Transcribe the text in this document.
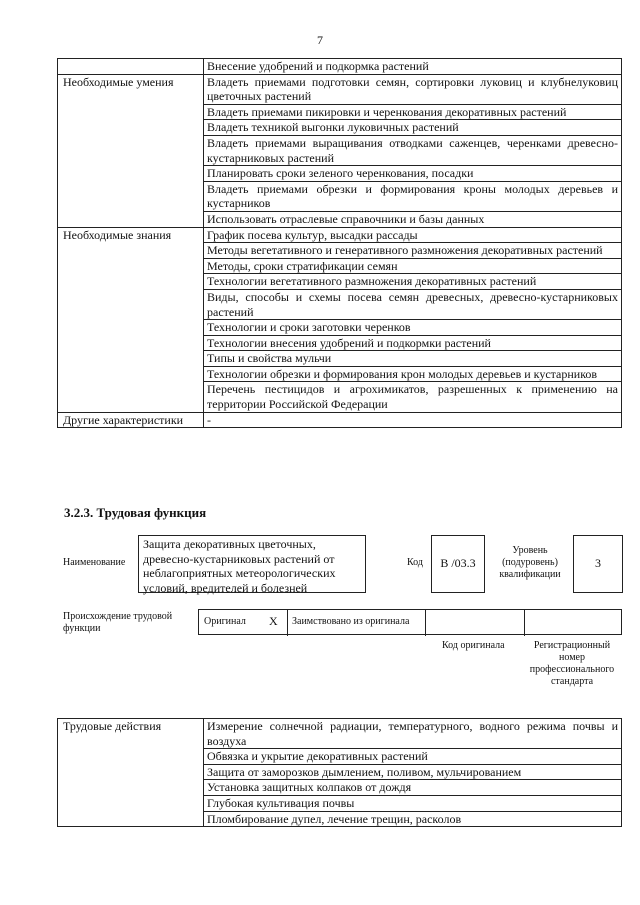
7
	Внесение удобрений и подкормка растений
Необходимые умения	Владеть приемами подготовки семян, сортировки луковиц и клубнелуковиц цветочных растений
	Владеть приемами пикировки и черенкования декоративных растений
	Владеть техникой выгонки луковичных растений
	Владеть приемами выращивания отводками саженцев, черенками древесно-кустарниковых растений
	Планировать сроки зеленого черенкования, посадки
	Владеть приемами обрезки и формирования кроны молодых деревьев и кустарников
	Использовать отраслевые справочники и базы данных
Необходимые знания	График посева культур, высадки рассады
	Методы вегетативного и генеративного размножения декоративных растений
	Методы, сроки стратификации семян
	Технологии вегетативного размножения декоративных растений
	Виды, способы и схемы посева семян древесных, древесно-кустарниковых растений
	Технологии и сроки заготовки черенков
	Технологии внесения удобрений и подкормки растений
	Типы и свойства мульчи
	Технологии обрезки и формирования крон молодых деревьев и кустарников
	Перечень пестицидов и агрохимикатов, разрешенных к применению на территории Российской Федерации
Другие характеристики	-
3.2.3. Трудовая функция
Наименование
Защита декоративных цветочных, древесно-кустарниковых растений от неблагоприятных метеорологических условий, вредителей и болезней
Код	В /03.3
Уровень (подуровень) квалификации
3
Происхождение трудовой функции
Оригинал X	Заимствовано из оригинала
Код оригинала	Регистрационный номер профессионального стандарта
Трудовые действия	Измерение солнечной радиации, температурного, водного режима почвы и воздуха
Обвязка и укрытие декоративных растений
Защита от заморозков дымлением, поливом, мульчированием
Установка защитных колпаков от дождя
Глубокая культивация почвы
Пломбирование дупел, лечение трещин, расколов
